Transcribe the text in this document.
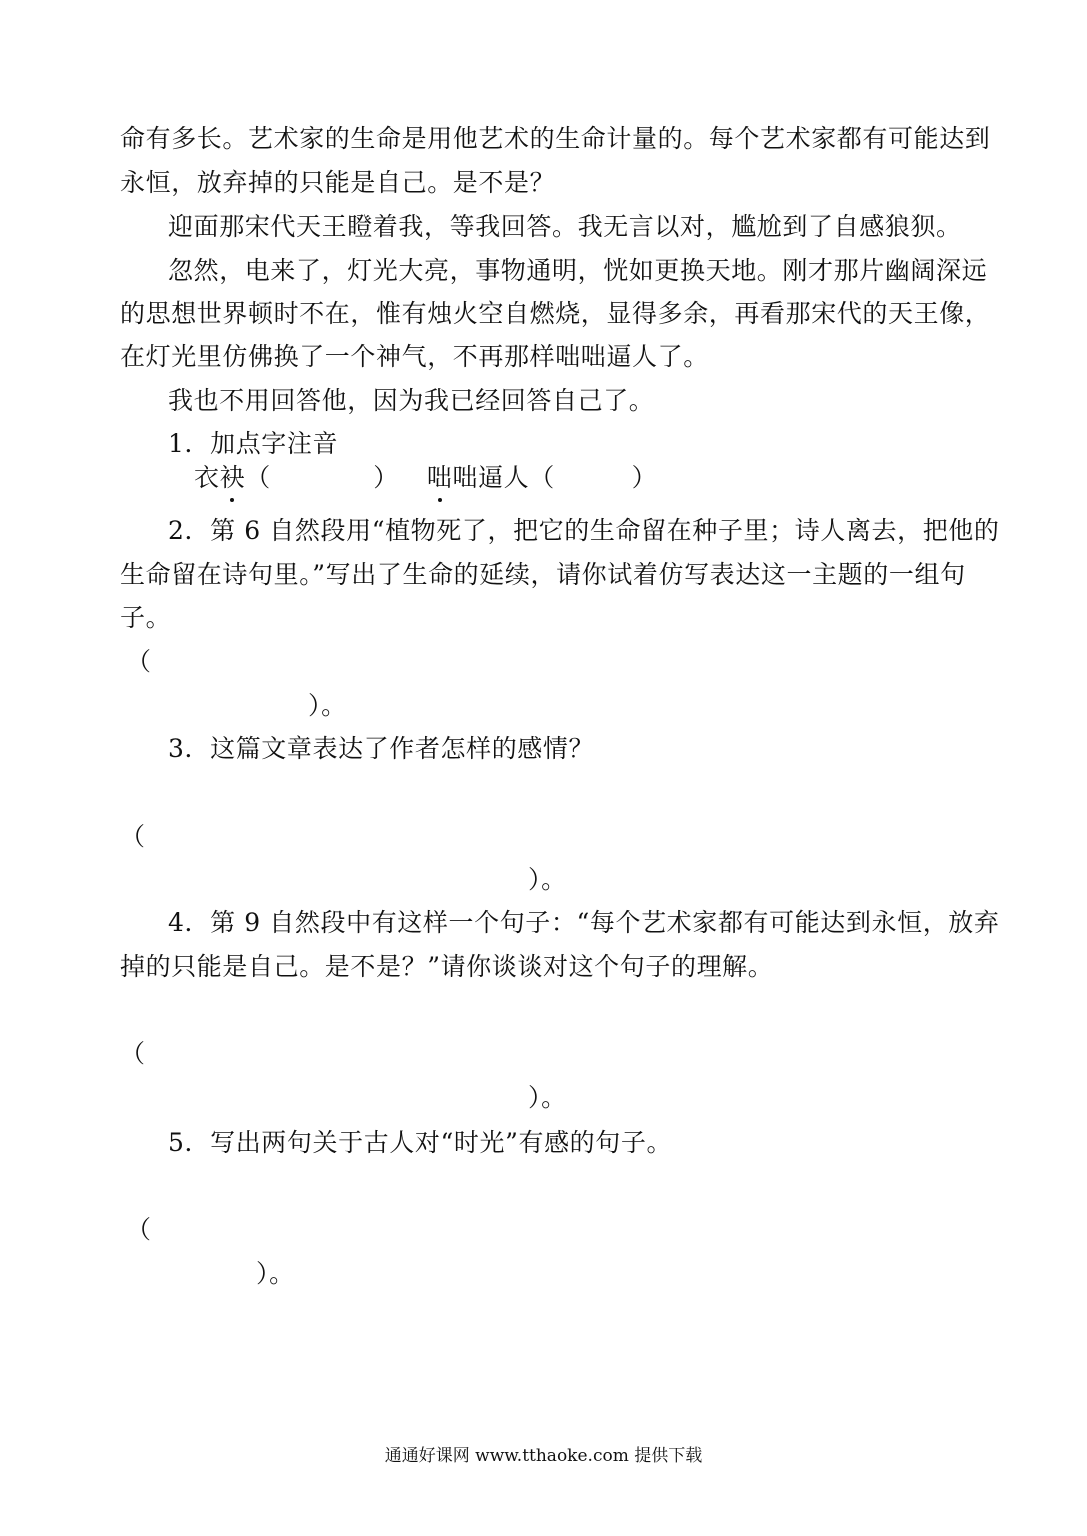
命有多长。艺术家的生命是用他艺术的生命计量的。每个艺术家都有可能达到
永恒，放弃掉的只能是自己。是不是？
迎面那宋代天王瞪着我，等我回答。我无言以对，尴尬到了自感狼狈。
忽然，电来了，灯光大亮，事物通明，恍如更换天地。刚才那片幽阔深远
的思想世界顿时不在，惟有烛火空自燃烧，显得多余，再看那宋代的天王像，
在灯光里仿佛换了一个神气，不再那样咄咄逼人了。
我也不用回答他，因为我已经回答自己了。
1．加点字注音
衣袂（　　　　） 咄咄逼人（　　　）
2．第 6 自然段用“植物死了，把它的生命留在种子里；诗人离去，把他的
生命留在诗句里。”写出了生命的延续，请你试着仿写表达这一主题的一组句
子。
（
）。
3．这篇文章表达了作者怎样的感情？
（
）。
4．第 9 自然段中有这样一个句子：“每个艺术家都有可能达到永恒，放弃
掉的只能是自己。是不是？”请你谈谈对这个句子的理解。
（
）。
5．写出两句关于古人对“时光”有感的句子。
（
）。
通通好课网 www.tthaoke.com 提供下载
